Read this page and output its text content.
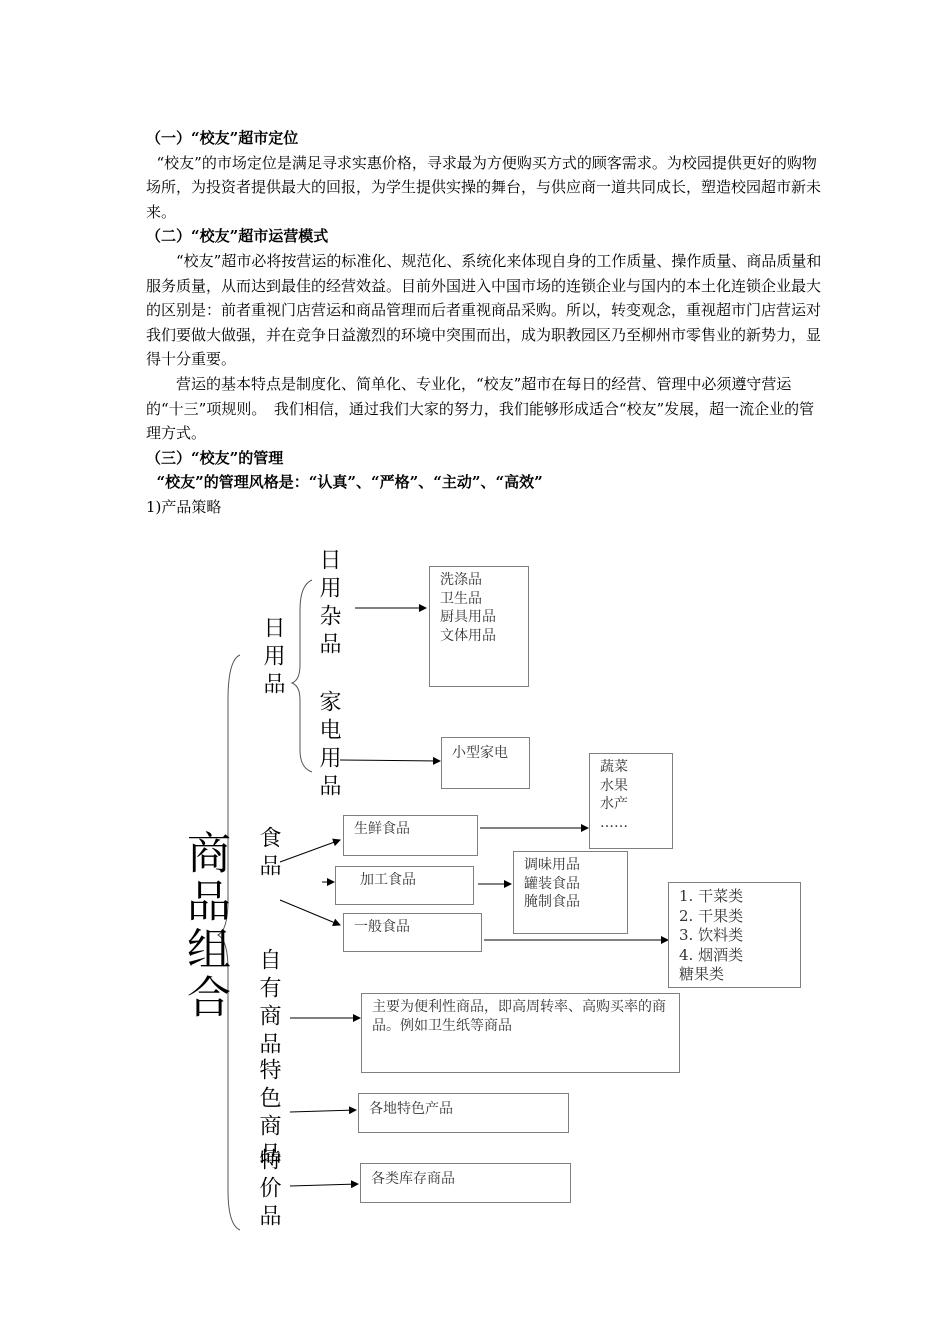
（一）“校友”超市定位

“校友”的市场定位是满足寻求实惠价格，寻求最为方便购买方式的顾客需求。为校园提供更好的购物场所，为投资者提供最大的回报，为学生提供实操的舞台，与供应商一道共同成长，塑造校园超市新未来。

（二）“校友”超市运营模式

“校友”超市必将按营运的标准化、规范化、系统化来体现自身的工作质量、操作质量、商品质量和服务质量，从而达到最佳的经营效益。目前外国进入中国市场的连锁企业与国内的本土化连锁企业最大的区别是：前者重视门店营运和商品管理而后者重视商品采购。所以，转变观念，重视超市门店营运对我们要做大做强，并在竞争日益激烈的环境中突围而出，成为职教园区乃至柳州市零售业的新势力，显得十分重要。

营运的基本特点是制度化、简单化、专业化，“校友”超市在每日的经营、管理中必须遵守营运的“十三”项规则。　我们相信，通过我们大家的努力，我们能够形成适合“校友”发展，超一流企业的管理方式。

（三）“校友”的管理

“校友”的管理风格是：“认真”、“严格”、“主动”、“高效”

1)产品策略

商品组合
日用品 日用杂品
家电用品
食品
自有商品
特色商品
特价品
洗涤品
卫生品
厨具用品
文体用品
小型家电
生鲜食品
蔬菜
水果
水产
……
加工食品
调味用品
罐装食品
腌制食品
一般食品
1. 干菜类
2. 干果类
3. 饮料类
4. 烟酒类
糖果类
主要为便利性商品，即高周转率、高购买率的商品。例如卫生纸等商品
各地特色产品
各类库存商品
